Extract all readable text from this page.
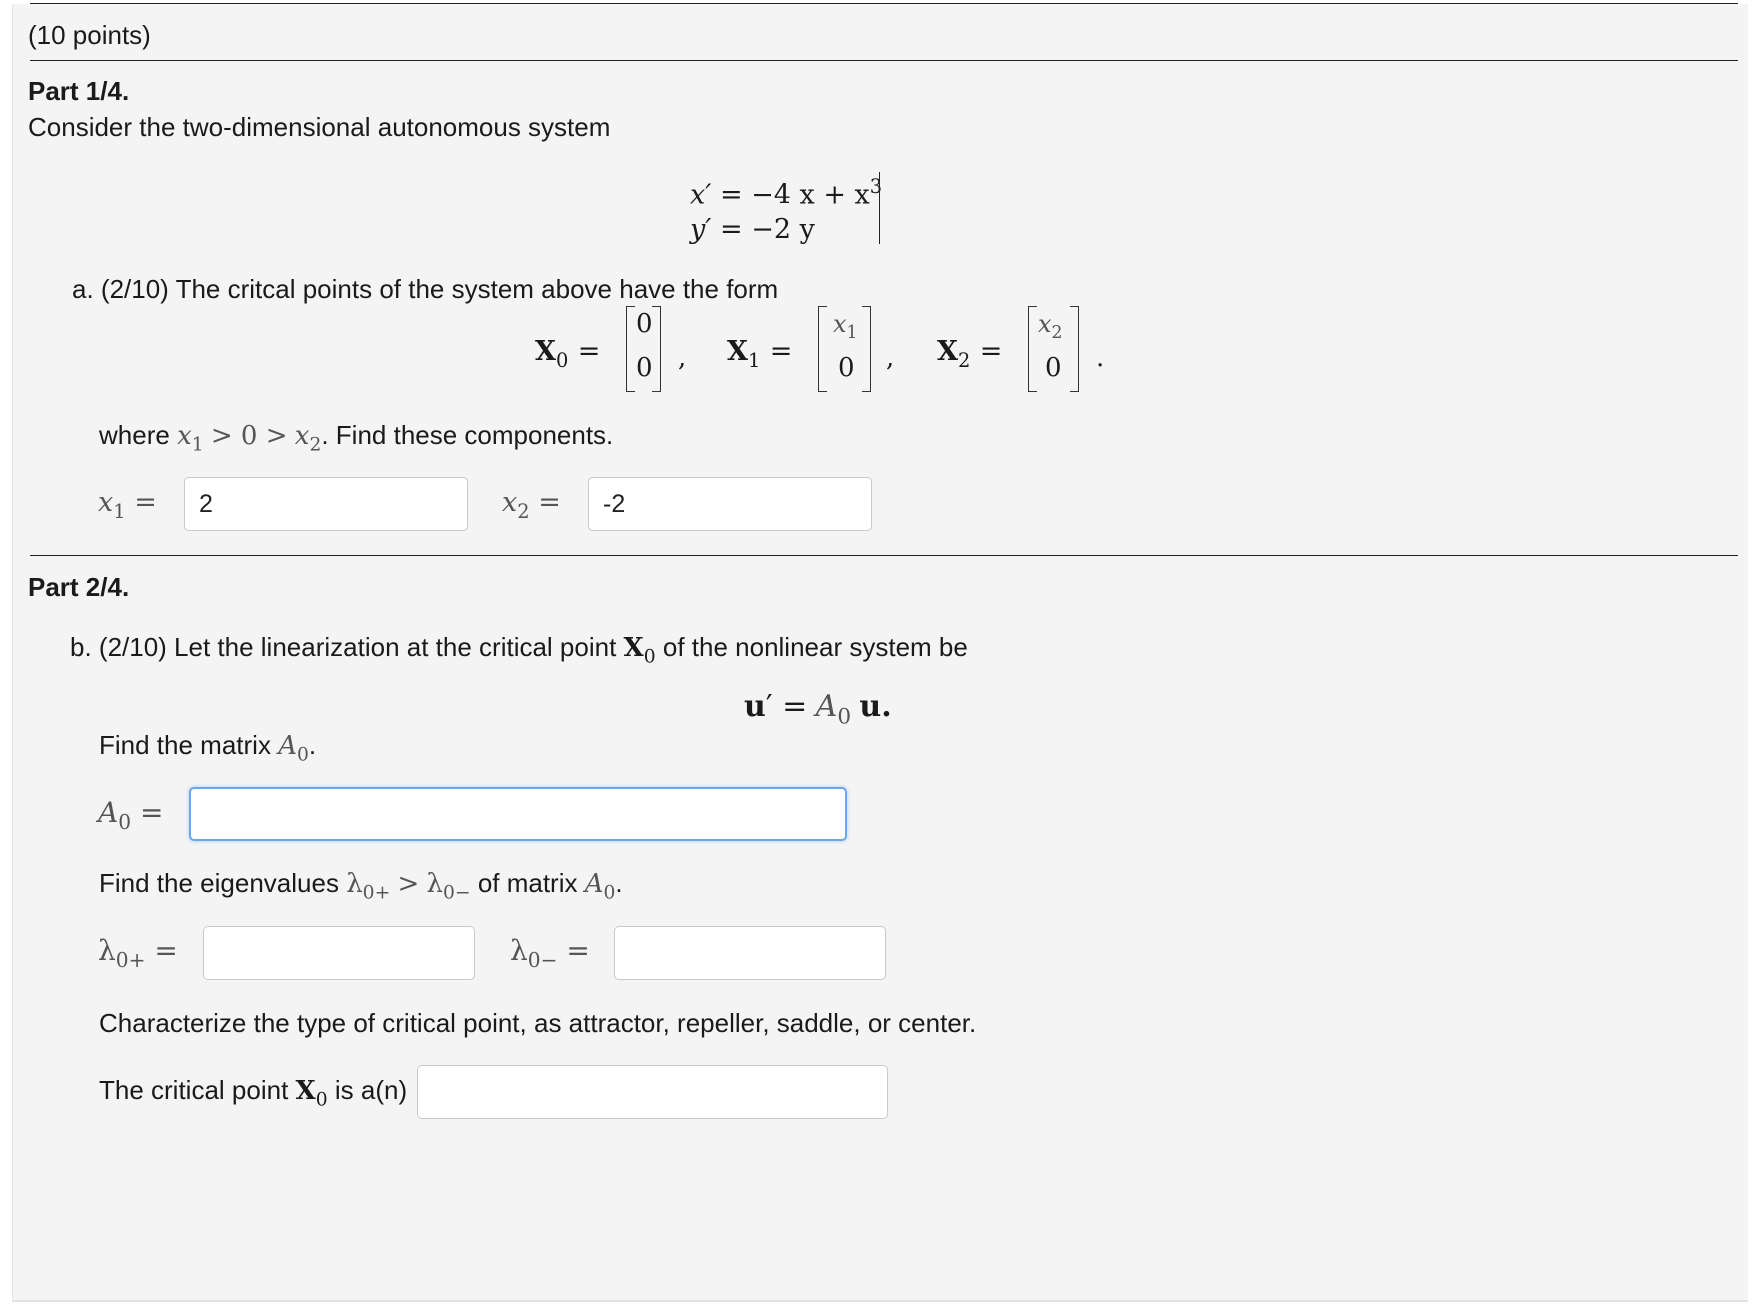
(10 points)
Part 1/4.
Consider the two-dimensional autonomous system
x′ = −4 $x + x^3$
y′ = −2 y
a. (2/10) The critcal points of the system above have the form
$X_0$ =
0
0 , $X_1$ =
$x_1$
0 , $X_2$ =
$x_2$
0 .
where $x_1 > 0 > x_2$. Find these components.
$x_1$ =	2	$x_2$ =	-2
Part 2/4.
b. (2/10) Let the linearization at the critical point $X_0$ of the nonlinear system be
$u' = A_0$ u.
Find the matrix $A_0$.
$A_0$ =
Find the eigenvalues $\lambda_{0+} > \lambda_{0-}$ of matrix $A_0$.
$\lambda_{0+}$ =	$\lambda_{0-}$ =
Characterize the type of critical point, as attractor, repeller, saddle, or center.
The critical point $X_0$ is a(n)
